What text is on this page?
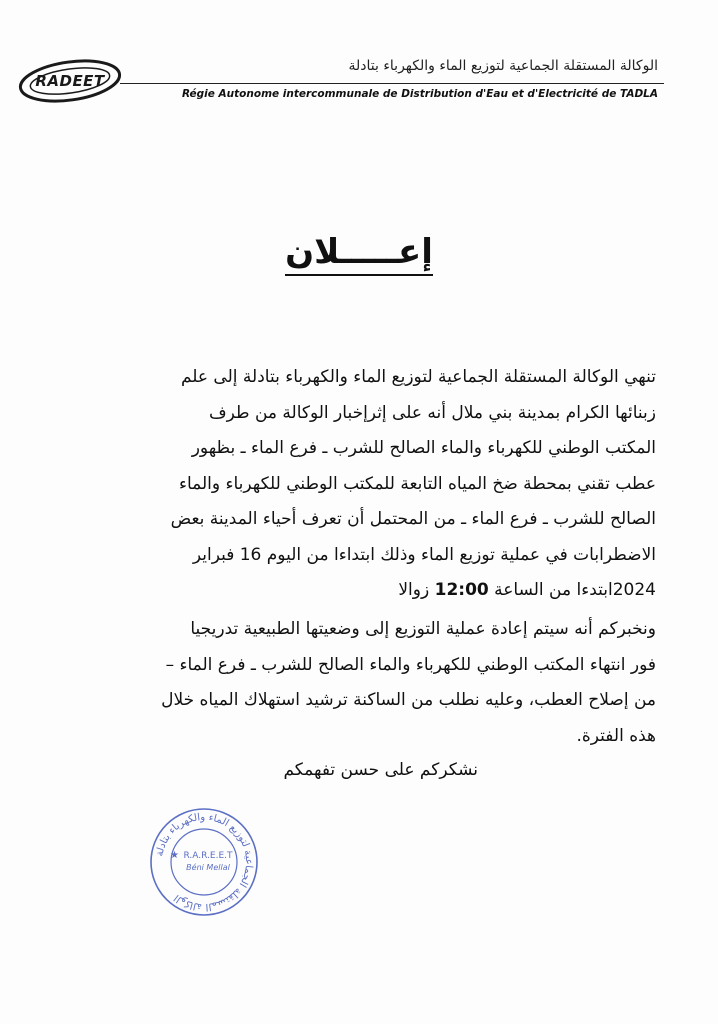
RADEET
الوكالة المستقلة الجماعية لتوزيع الماء والكهرباء بتادلة
Régie Autonome intercommunale de Distribution d'Eau et d'Electricité de TADLA
إعـــــلان
تنهي الوكالة المستقلة الجماعية لتوزيع الماء والكهرباء بتادلة إلى علم
زبنائها الكرام بمدينة بني ملال أنه على إثرإخبار الوكالة من طرف
المكتب الوطني للكهرباء والماء الصالح للشرب ـ فرع الماء ـ بظهور
عطب تقني بمحطة ضخ المياه التابعة للمكتب الوطني للكهرباء والماء
الصالح للشرب ـ فرع الماء ـ من المحتمل أن تعرف أحياء المدينة بعض
الاضطرابات في عملية توزيع الماء وذلك ابتداءا من اليوم 16 فبراير
2024ابتدءا من الساعة 12:00 زوالا
ونخبركم أنه سيتم إعادة عملية التوزيع إلى وضعيتها الطبيعية تدريجيا
فور انتهاء المكتب الوطني للكهرباء والماء الصالح للشرب ـ فرع الماء –
من إصلاح العطب، وعليه نطلب من الساكنة ترشيد استهلاك المياه خلال
هذه الفترة.
نشكركم على حسن تفهمكم
الوكالة المستقلة الجماعية لتوزيع الماء والكهرباء بتادلة
★ R.A.R.E.E.T
Béni Mellal
